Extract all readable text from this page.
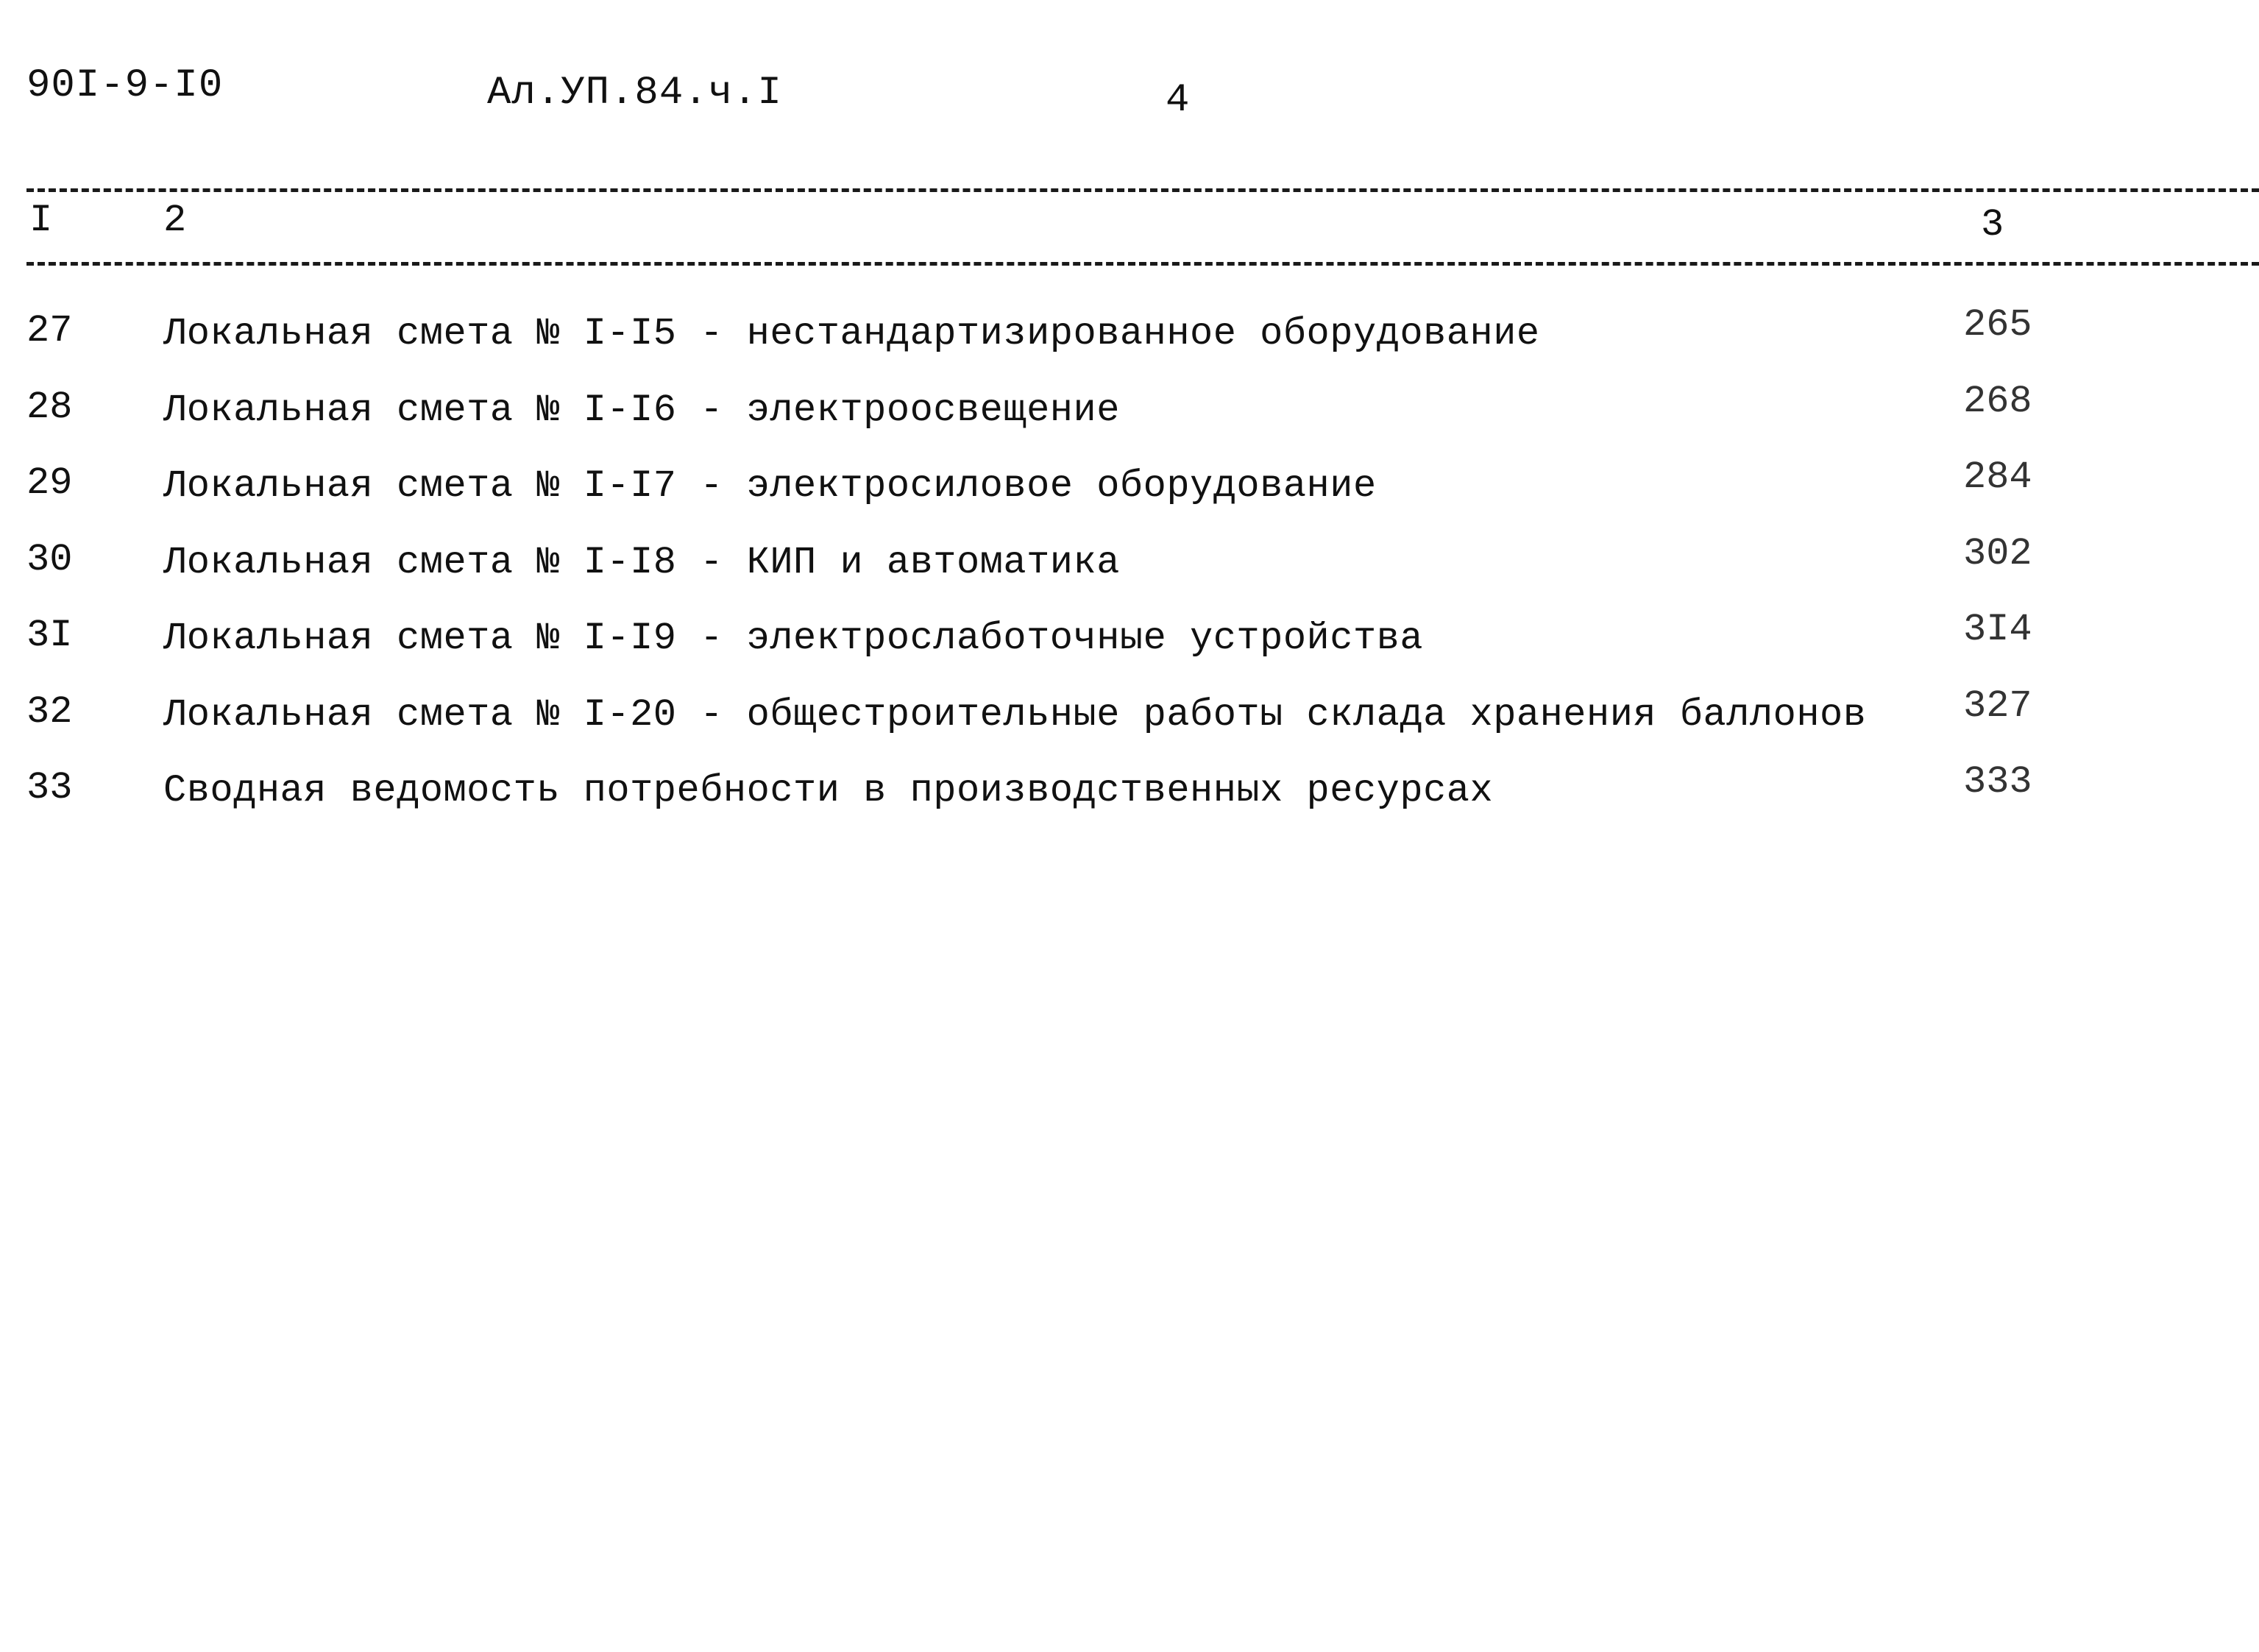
90I-9-I0	Ал.УП.84.ч.I	4
I	2	3
27 Локальная смета № I-I5 - нестандартизированное оборудование	265
28 Локальная смета № I-I6 - электроосвещение	268
29 Локальная смета № I-I7 - электросиловое оборудование	284
30 Локальная смета № I-I8 - КИП и автоматика	302
3I Локальная смета № I-I9 - электрослаботочные устройства	3I4
32 Локальная смета № I-20 - общестроительные работы склада хранения баллонов	327
33 Сводная ведомость потребности в производственных ресурсах	333
